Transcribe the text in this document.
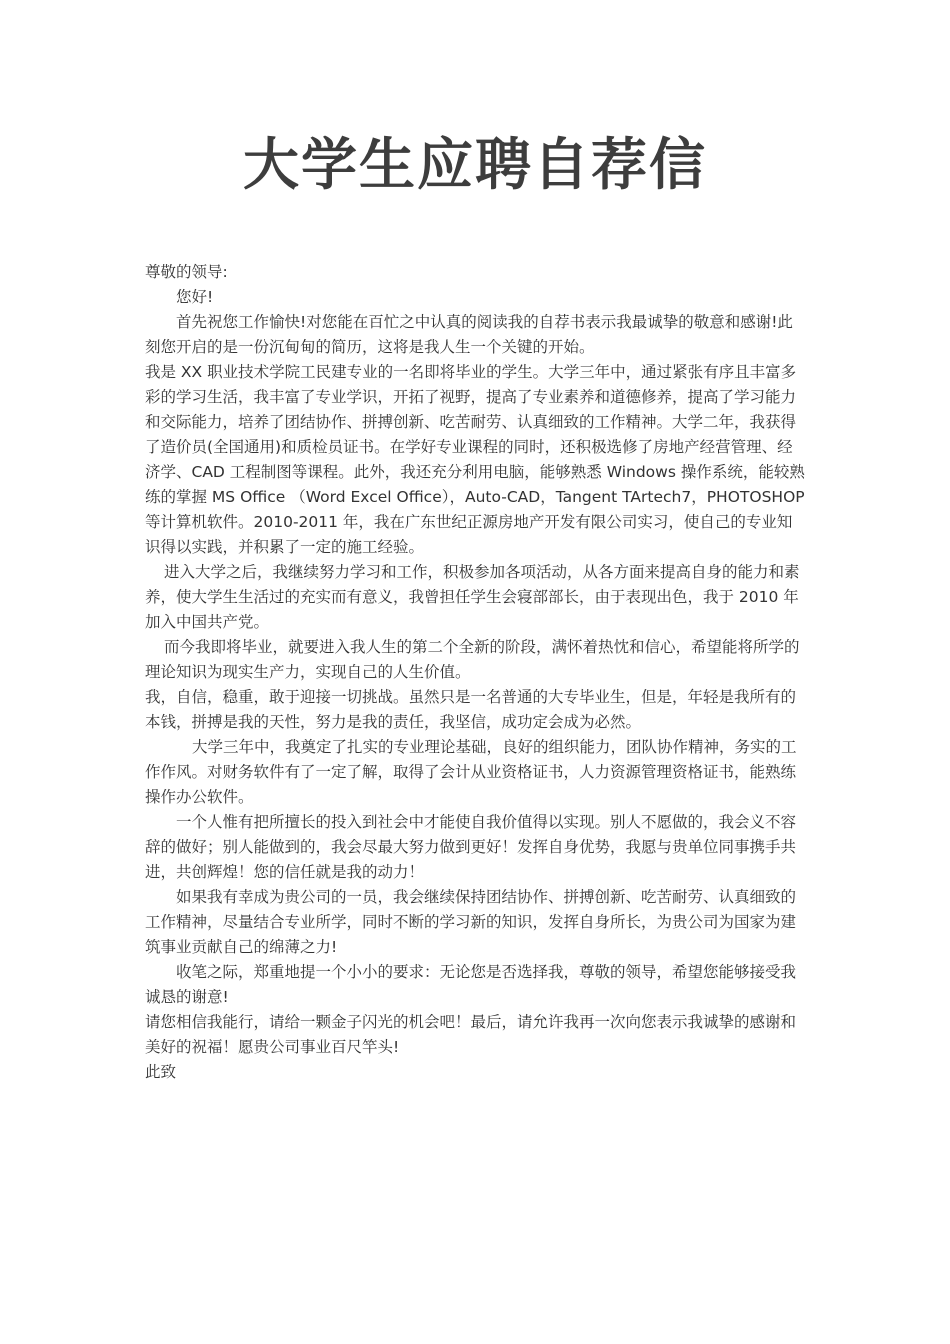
大学生应聘自荐信

尊敬的领导:

您好!

首先祝您工作愉快!对您能在百忙之中认真的阅读我的自荐书表示我最诚挚的敬意和感谢!此刻您开启的是一份沉甸甸的简历，这将是我人生一个关键的开始。

我是 XX 职业技术学院工民建专业的一名即将毕业的学生。大学三年中，通过紧张有序且丰富多彩的学习生活，我丰富了专业学识，开拓了视野，提高了专业素养和道德修养，提高了学习能力和交际能力，培养了团结协作、拼搏创新、吃苦耐劳、认真细致的工作精神。大学二年，我获得了造价员(全国通用)和质检员证书。在学好专业课程的同时，还积极选修了房地产经营管理、经济学、CAD 工程制图等课程。此外，我还充分利用电脑，能够熟悉 Windows 操作系统，能较熟练的掌握 MS Office （Word Excel Office），Auto-CAD，Tangent TArtech7，PHOTOSHOP 等计算机软件。2010-2011 年，我在广东世纪正源房地产开发有限公司实习，使自己的专业知识得以实践，并积累了一定的施工经验。

进入大学之后，我继续努力学习和工作，积极参加各项活动，从各方面来提高自身的能力和素养，使大学生生活过的充实而有意义，我曾担任学生会寝部部长，由于表现出色，我于 2010 年加入中国共产党。

而今我即将毕业，就要进入我人生的第二个全新的阶段，满怀着热忱和信心，希望能将所学的理论知识为现实生产力，实现自己的人生价值。

我，自信，稳重，敢于迎接一切挑战。虽然只是一名普通的大专毕业生，但是，年轻是我所有的本钱，拼搏是我的天性，努力是我的责任，我坚信，成功定会成为必然。

大学三年中，我奠定了扎实的专业理论基础，良好的组织能力，团队协作精神，务实的工作作风。对财务软件有了一定了解，取得了会计从业资格证书，人力资源管理资格证书，能熟练操作办公软件。

一个人惟有把所擅长的投入到社会中才能使自我价值得以实现。别人不愿做的，我会义不容辞的做好；别人能做到的，我会尽最大努力做到更好！发挥自身优势，我愿与贵单位同事携手共进，共创辉煌！您的信任就是我的动力！

如果我有幸成为贵公司的一员，我会继续保持团结协作、拼搏创新、吃苦耐劳、认真细致的工作精神，尽量结合专业所学，同时不断的学习新的知识，发挥自身所长，为贵公司为国家为建筑事业贡献自己的绵薄之力!

收笔之际，郑重地提一个小小的要求：无论您是否选择我，尊敬的领导，希望您能够接受我诚恳的谢意!

请您相信我能行，请给一颗金子闪光的机会吧！最后，请允许我再一次向您表示我诚挚的感谢和美好的祝福！愿贵公司事业百尺竿头!

此致
